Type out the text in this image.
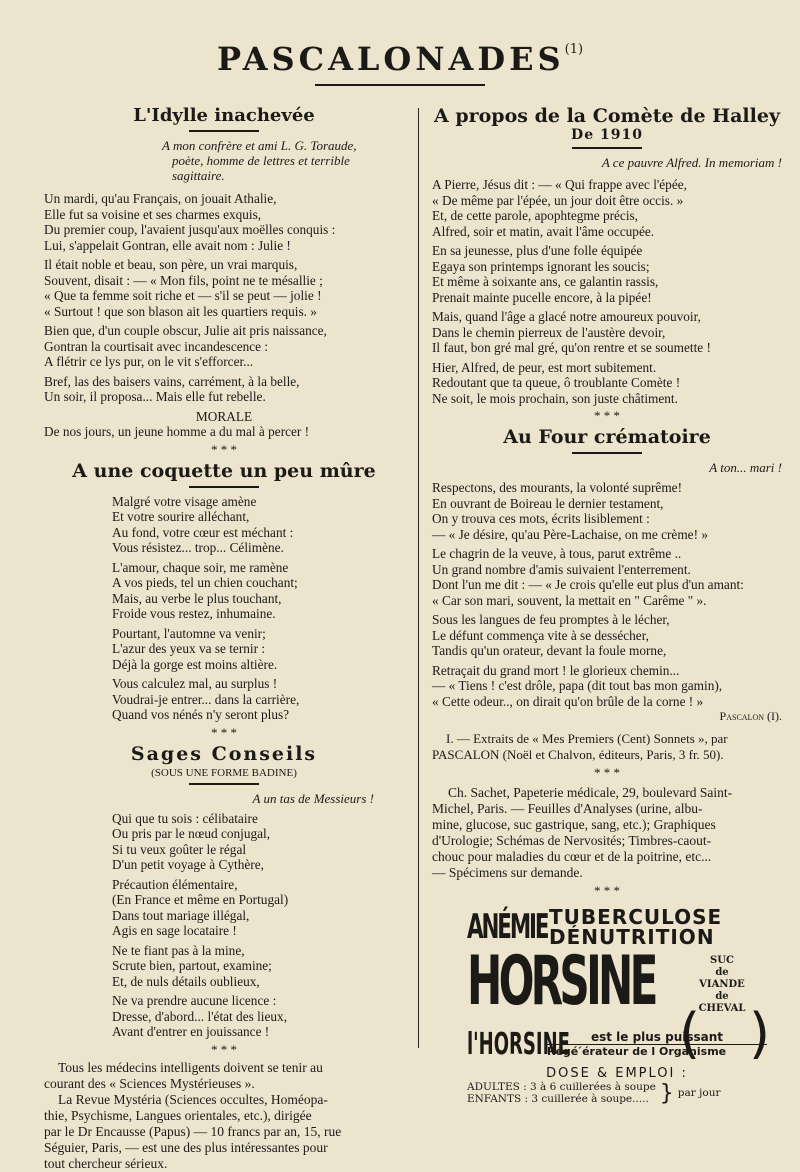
PASCALONADES$^{(1)}$
L'Idylle inachevée
A mon confrère et ami L. G. Toraude,
poète, homme de lettres et terrible
sagittaire.
Un mardi, qu'au Français, on jouait Athalie,
Elle fut sa voisine et ses charmes exquis,
Du premier coup, l'avaient jusqu'aux moëlles conquis :
Lui, s'appelait Gontran, elle avait nom : Julie !
Il était noble et beau, son père, un vrai marquis,
Souvent, disait : — « Mon fils, point ne te mésallie ;
« Que ta femme soit riche et — s'il se peut — jolie !
« Surtout ! que son blason ait les quartiers requis. »
Bien que, d'un couple obscur, Julie ait pris naissance,
Gontran la courtisait avec incandescence :
A flétrir ce lys pur, on le vit s'efforcer...
Bref, las des baisers vains, carrément, à la belle,
Un soir, il proposa... Mais elle fut rebelle.
MORALE
De nos jours, un jeune homme a du mal à percer !
* * *
A une coquette un peu mûre
Malgré votre visage amène
Et votre sourire alléchant,
Au fond, votre cœur est méchant :
Vous résistez... trop... Célimène.
L'amour, chaque soir, me ramène
A vos pieds, tel un chien couchant;
Mais, au verbe le plus touchant,
Froide vous restez, inhumaine.
Pourtant, l'automne va venir;
L'azur des yeux va se ternir :
Déjà la gorge est moins altière.
Vous calculez mal, au surplus !
Voudrai-je entrer... dans la carrière,
Quand vos nénés n'y seront plus?
* * *
Sages Conseils
(SOUS UNE FORME BADINE)
A un tas de Messieurs !
Qui que tu sois : célibataire
Ou pris par le nœud conjugal,
Si tu veux goûter le régal
D'un petit voyage à Cythère,
Précaution élémentaire,
(En France et même en Portugal)
Dans tout mariage illégal,
Agis en sage locataire !
Ne te fiant pas à la mine,
Scrute bien, partout, examine;
Et, de nuls détails oublieux,
Ne va prendre aucune licence :
Dresse, d'abord... l'état des lieux,
Avant d'entrer en jouissance !
* * *
Tous les médecins intelligents doivent se tenir au
courant des « Sciences Mystérieuses ».
La Revue Mystéria (Sciences occultes, Homéopa-
thie, Psychisme, Langues orientales, etc.), dirigée
par le Dr Encausse (Papus) — 10 francs par an, 15, rue
Séguier, Paris, — est une des plus intéressantes pour
tout chercheur sérieux.
A propos de la Comète de Halley
De 1910
A ce pauvre Alfred. In memoriam !
A Pierre, Jésus dit : — « Qui frappe avec l'épée,
« De même par l'épée, un jour doit être occis. »
Et, de cette parole, apophtegme précis,
Alfred, soir et matin, avait l'âme occupée.
En sa jeunesse, plus d'une folle équipée
Egaya son printemps ignorant les soucis;
Et même à soixante ans, ce galantin rassis,
Prenait mainte pucelle encore, à la pipée!
Mais, quand l'âge a glacé notre amoureux pouvoir,
Dans le chemin pierreux de l'austère devoir,
Il faut, bon gré mal gré, qu'on rentre et se soumette !
Hier, Alfred, de peur, est mort subitement.
Redoutant que ta queue, ô troublante Comète !
Ne soit, le mois prochain, son juste châtiment.
* * *
Au Four crématoire
A ton... mari !
Respectons, des mourants, la volonté suprême!
En ouvrant de Boireau le dernier testament,
On y trouva ces mots, écrits lisiblement :
— « Je désire, qu'au Père-Lachaise, on me crème! »
Le chagrin de la veuve, à tous, parut extrême ..
Un grand nombre d'amis suivaient l'enterrement.
Dont l'un me dit : — « Je crois qu'elle eut plus d'un amant:
« Car son mari, souvent, la mettait en " Carême " ».
Sous les langues de feu promptes à le lécher,
Le défunt commença vite à se dessécher,
Tandis qu'un orateur, devant la foule morne,
Retraçait du grand mort ! le glorieux chemin...
— « Tiens ! c'est drôle, papa (dit tout bas mon gamin),
« Cette odeur.., on dirait qu'on brûle de la corne ! »
Pascalon (I).
I. — Extraits de « Mes Premiers (Cent) Sonnets », par
PASCALON (Noël et Chalvon, éditeurs, Paris, 3 fr. 50).
* * *
Ch. Sachet, Papeterie médicale, 29, boulevard Saint-
Michel, Paris. — Feuilles d'Analyses (urine, albu-
mine, glucose, suc gastrique, sang, etc.); Graphiques
d'Urologie; Schémas de Nervosités; Timbres-caout-
chouc pour maladies du cœur et de la poitrine, etc...
— Spécimens sur demande.
* * *
ANÉMIE TUBERCULOSE
DÉNUTRITION
HORSINE
( )
SUC
de
VIANDE
de
CHEVAL
l'HORSINE	est le plus puissant
Régé ́érateur de l Organisme
DOSE & EMPLOI :
ADULTES : 3 à 6 cuillerées à soupe
ENFANTS : 3 cuillerée à soupe..... } par jour
